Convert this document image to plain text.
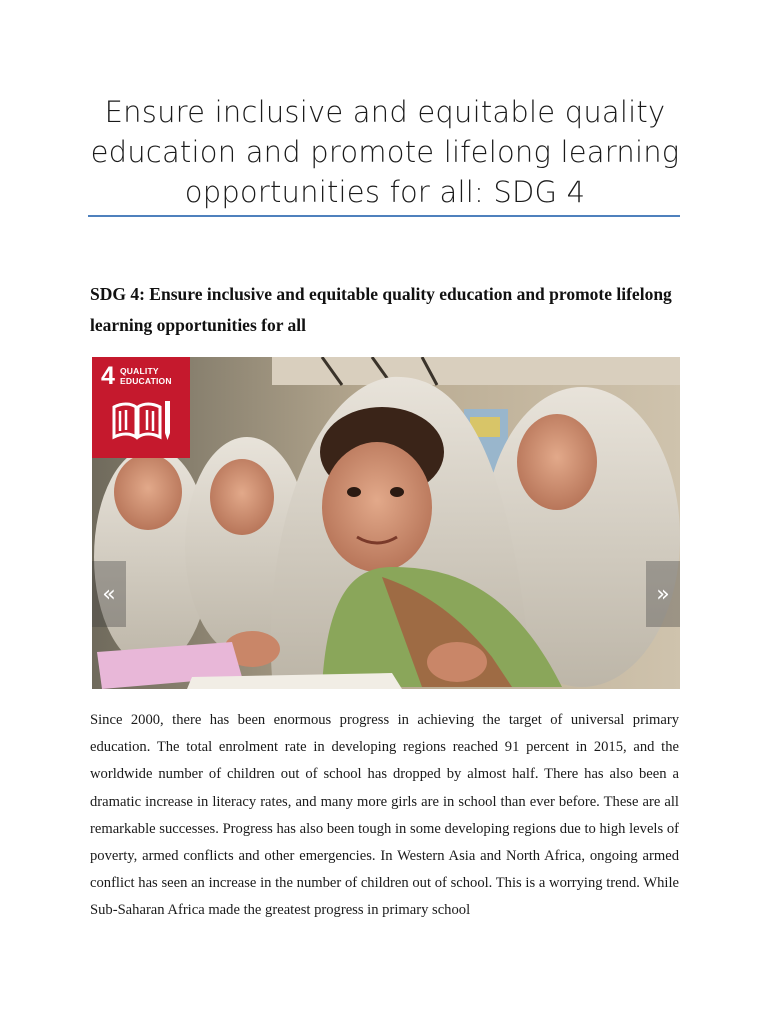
Ensure inclusive and equitable quality education and promote lifelong learning opportunities for all: SDG 4
SDG 4: Ensure inclusive and equitable quality education and promote lifelong learning opportunities for all
4 QUALITY EDUCATION
«	»
Since 2000, there has been enormous progress in achieving the target of universal primary education. The total enrolment rate in developing regions reached 91 percent in 2015, and the worldwide number of children out of school has dropped by almost half. There has also been a dramatic increase in literacy rates, and many more girls are in school than ever before. These are all remarkable successes. Progress has also been tough in some developing regions due to high levels of poverty, armed conflicts and other emergencies. In Western Asia and North Africa, ongoing armed conflict has seen an increase in the number of children out of school. This is a worrying trend. While Sub-Saharan Africa made the greatest progress in primary school
